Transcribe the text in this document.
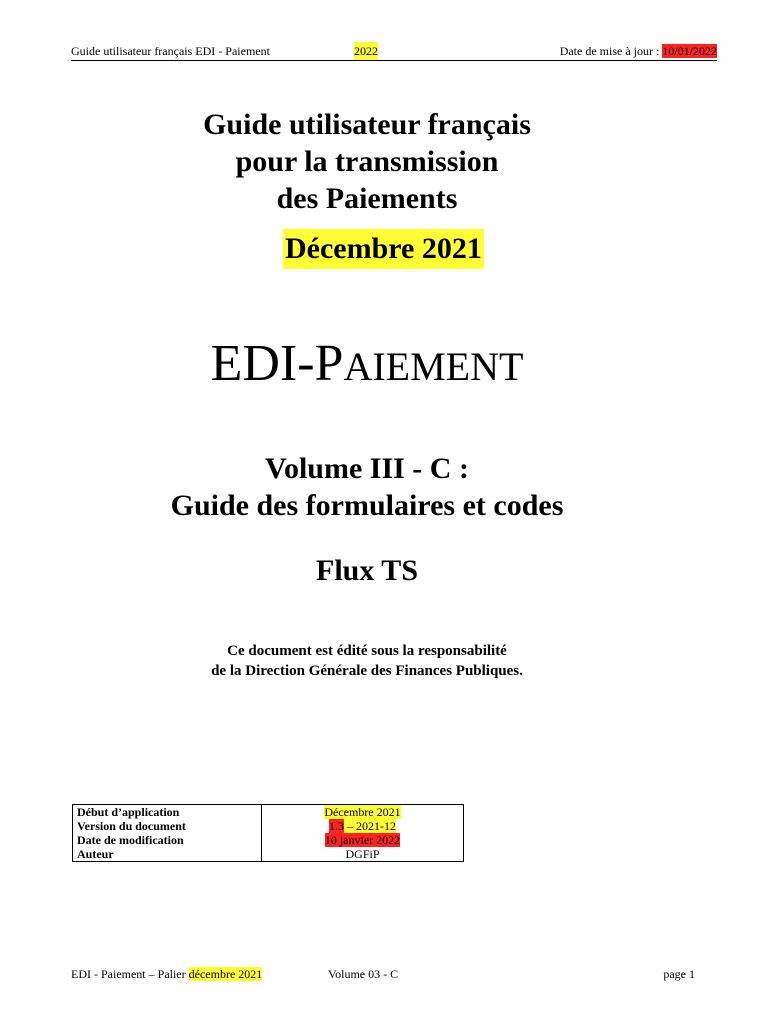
Guide utilisateur français EDI - Paiement	2022	Date de mise à jour : 10/01/2022
Guide utilisateur français
pour la transmission
des Paiements
Décembre 2021
EDI-PAIEMENT
Volume III - C :
Guide des formulaires et codes
Flux TS
Ce document est édité sous la responsabilité
de la Direction Générale des Finances Publiques.
Début d’application	Décembre 2021
Version du document	1.3 – 2021-12
Date de modification	10 janvier 2022
Auteur	DGFiP
EDI - Paiement – Palier décembre 2021	Volume 03 - C	page 1
